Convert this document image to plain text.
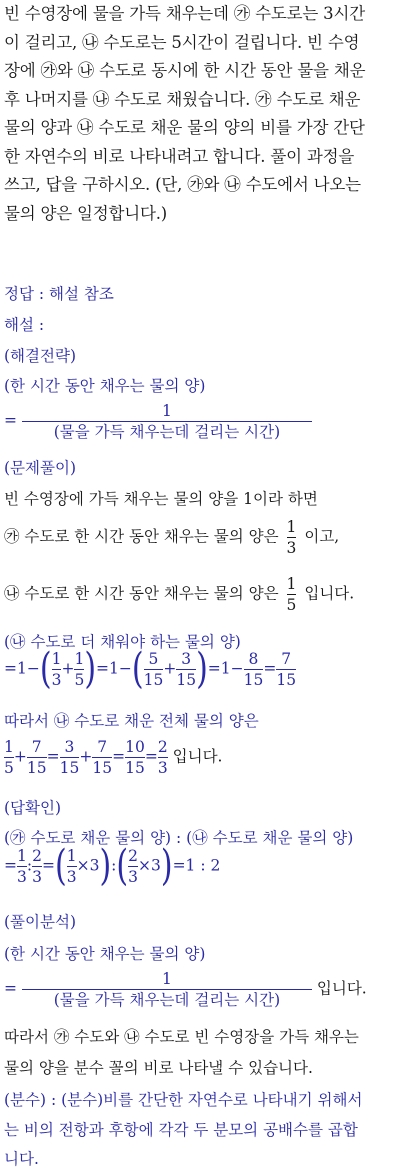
빈 수영장에 물을 가득 채우는데 ㉮ 수도로는 3시간

이 걸리고, ㉯ 수도로는 5시간이 걸립니다. 빈 수영

장에 ㉮와 ㉯ 수도로 동시에 한 시간 동안 물을 채운

후 나머지를 ㉯ 수도로 채웠습니다. ㉮ 수도로 채운

물의 양과 ㉯ 수도로 채운 물의 양의 비를 가장 간단

한 자연수의 비로 나타내려고 합니다. 풀이 과정을

쓰고, 답을 구하시오. (단, ㉮와 ㉯ 수도에서 나오는

물의 양은 일정합니다.)

정답 : 해설 참조
해설 :
(해결전략)
(한 시간 동안 채우는 물의 양)
= $\frac{1}{\text{(물을 가득 채우는데 걸리는 시간)}}$
(문제풀이)
빈 수영장에 가득 채우는 물의 양을 1이라 하면
㉮ 수도로 한 시간 동안 채우는 물의 양은 $\frac{1}{3}$ 이고,
㉯ 수도로 한 시간 동안 채우는 물의 양은 $\frac{1}{5}$ 입니다.
(㉯ 수도로 더 채워야 하는 물의 양)
$=1-( \frac{1}{3} + \frac{1}{5} )=1-( \frac{5}{15} + \frac{3}{15} )=1- \frac{8}{15} = \frac{7}{15}$
따라서 ㉯ 수도로 채운 전체 물의 양은
$\frac{1}{5} + \frac{7}{15} = \frac{3}{15} + \frac{7}{15} = \frac{10}{15} = \frac{2}{3}$ 입니다.
(답확인)
(㉮ 수도로 채운 물의 양) : (㉯ 수도로 채운 물의 양)
= $\frac{1}{3}$ : $\frac{2}{3}$ =( $\frac{1}{3}$ ×3):( $\frac{2}{3} \times 3)=1$ : 2
(풀이분석)
(한 시간 동안 채우는 물의 양)
= $\frac{1}{\text{(물을 가득 채우는데 걸리는 시간)}}$ 입니다.
따라서 ㉮ 수도와 ㉯ 수도로 빈 수영장을 가득 채우는
물의 양을 분수 꼴의 비로 나타낼 수 있습니다.
(분수) : (분수)비를 간단한 자연수로 나타내기 위해서
는 비의 전항과 후항에 각각 두 분모의 공배수를 곱합
니다.
